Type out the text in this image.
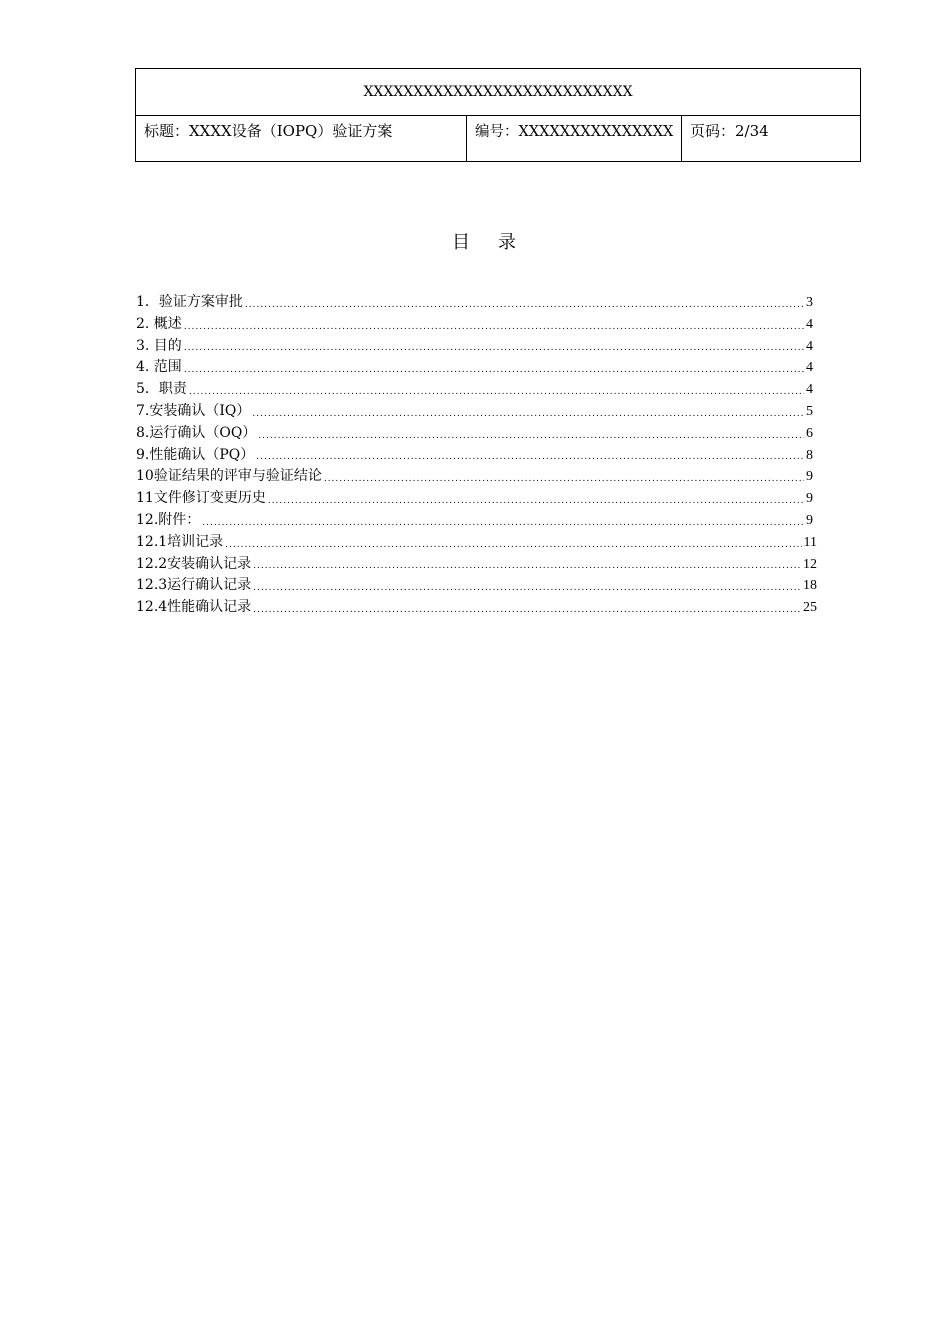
XXXXXXXXXXXXXXXXXXXXXXXXXXX
标题：XXXX设备（IOPQ）验证方案	编号：XXXXXXXXXXXXXXX	页码：2/34
目录
1．验证方案审批 .....	3
2. 概述 .....	4
3. 目的 .....	4
4. 范围 .....	4
5．职责 .....	4
7.安装确认（IQ） .....	5
8.运行确认（OQ） .....	6
9.性能确认（PQ） .....	8
10验证结果的评审与验证结论 .....	9
11文件修订变更历史 .....	9
12.附件： .....	9
12.1培训记录 .....	11
12.2安装确认记录 .....	12
12.3运行确认记录 .....	18
12.4性能确认记录 .....	25
